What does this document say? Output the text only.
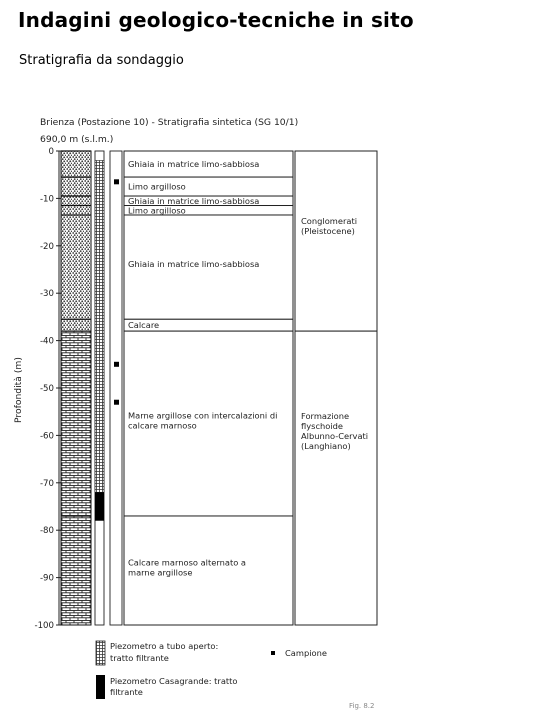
Indagini geologico-tecniche in sito
Stratigrafia da sondaggio
Brienza (Postazione 10) - Stratigrafia sintetica (SG 10/1)
690,0 m (s.l.m.)
Profondità (m)
0
-10
-20
-30
-40
-50
-60
-70
-80
-90
-100
Ghiaia in matrice limo-sabbiosa
Limo argilloso
Ghiaia in matrice limo-sabbiosa
Limo argilloso
Ghiaia in matrice limo-sabbiosa
Calcare
Marne argillose con intercalazioni di
calcare marnoso
Calcare marnoso alternato a
marne argillose
Conglomerati
(Pleistocene)
Formazione
flyschoide
Albunno-Cervati
(Langhiano)
Piezometro a tubo aperto:
tratto filtrante
Piezometro Casagrande: tratto
filtrante
Campione
Fig. 8.2
